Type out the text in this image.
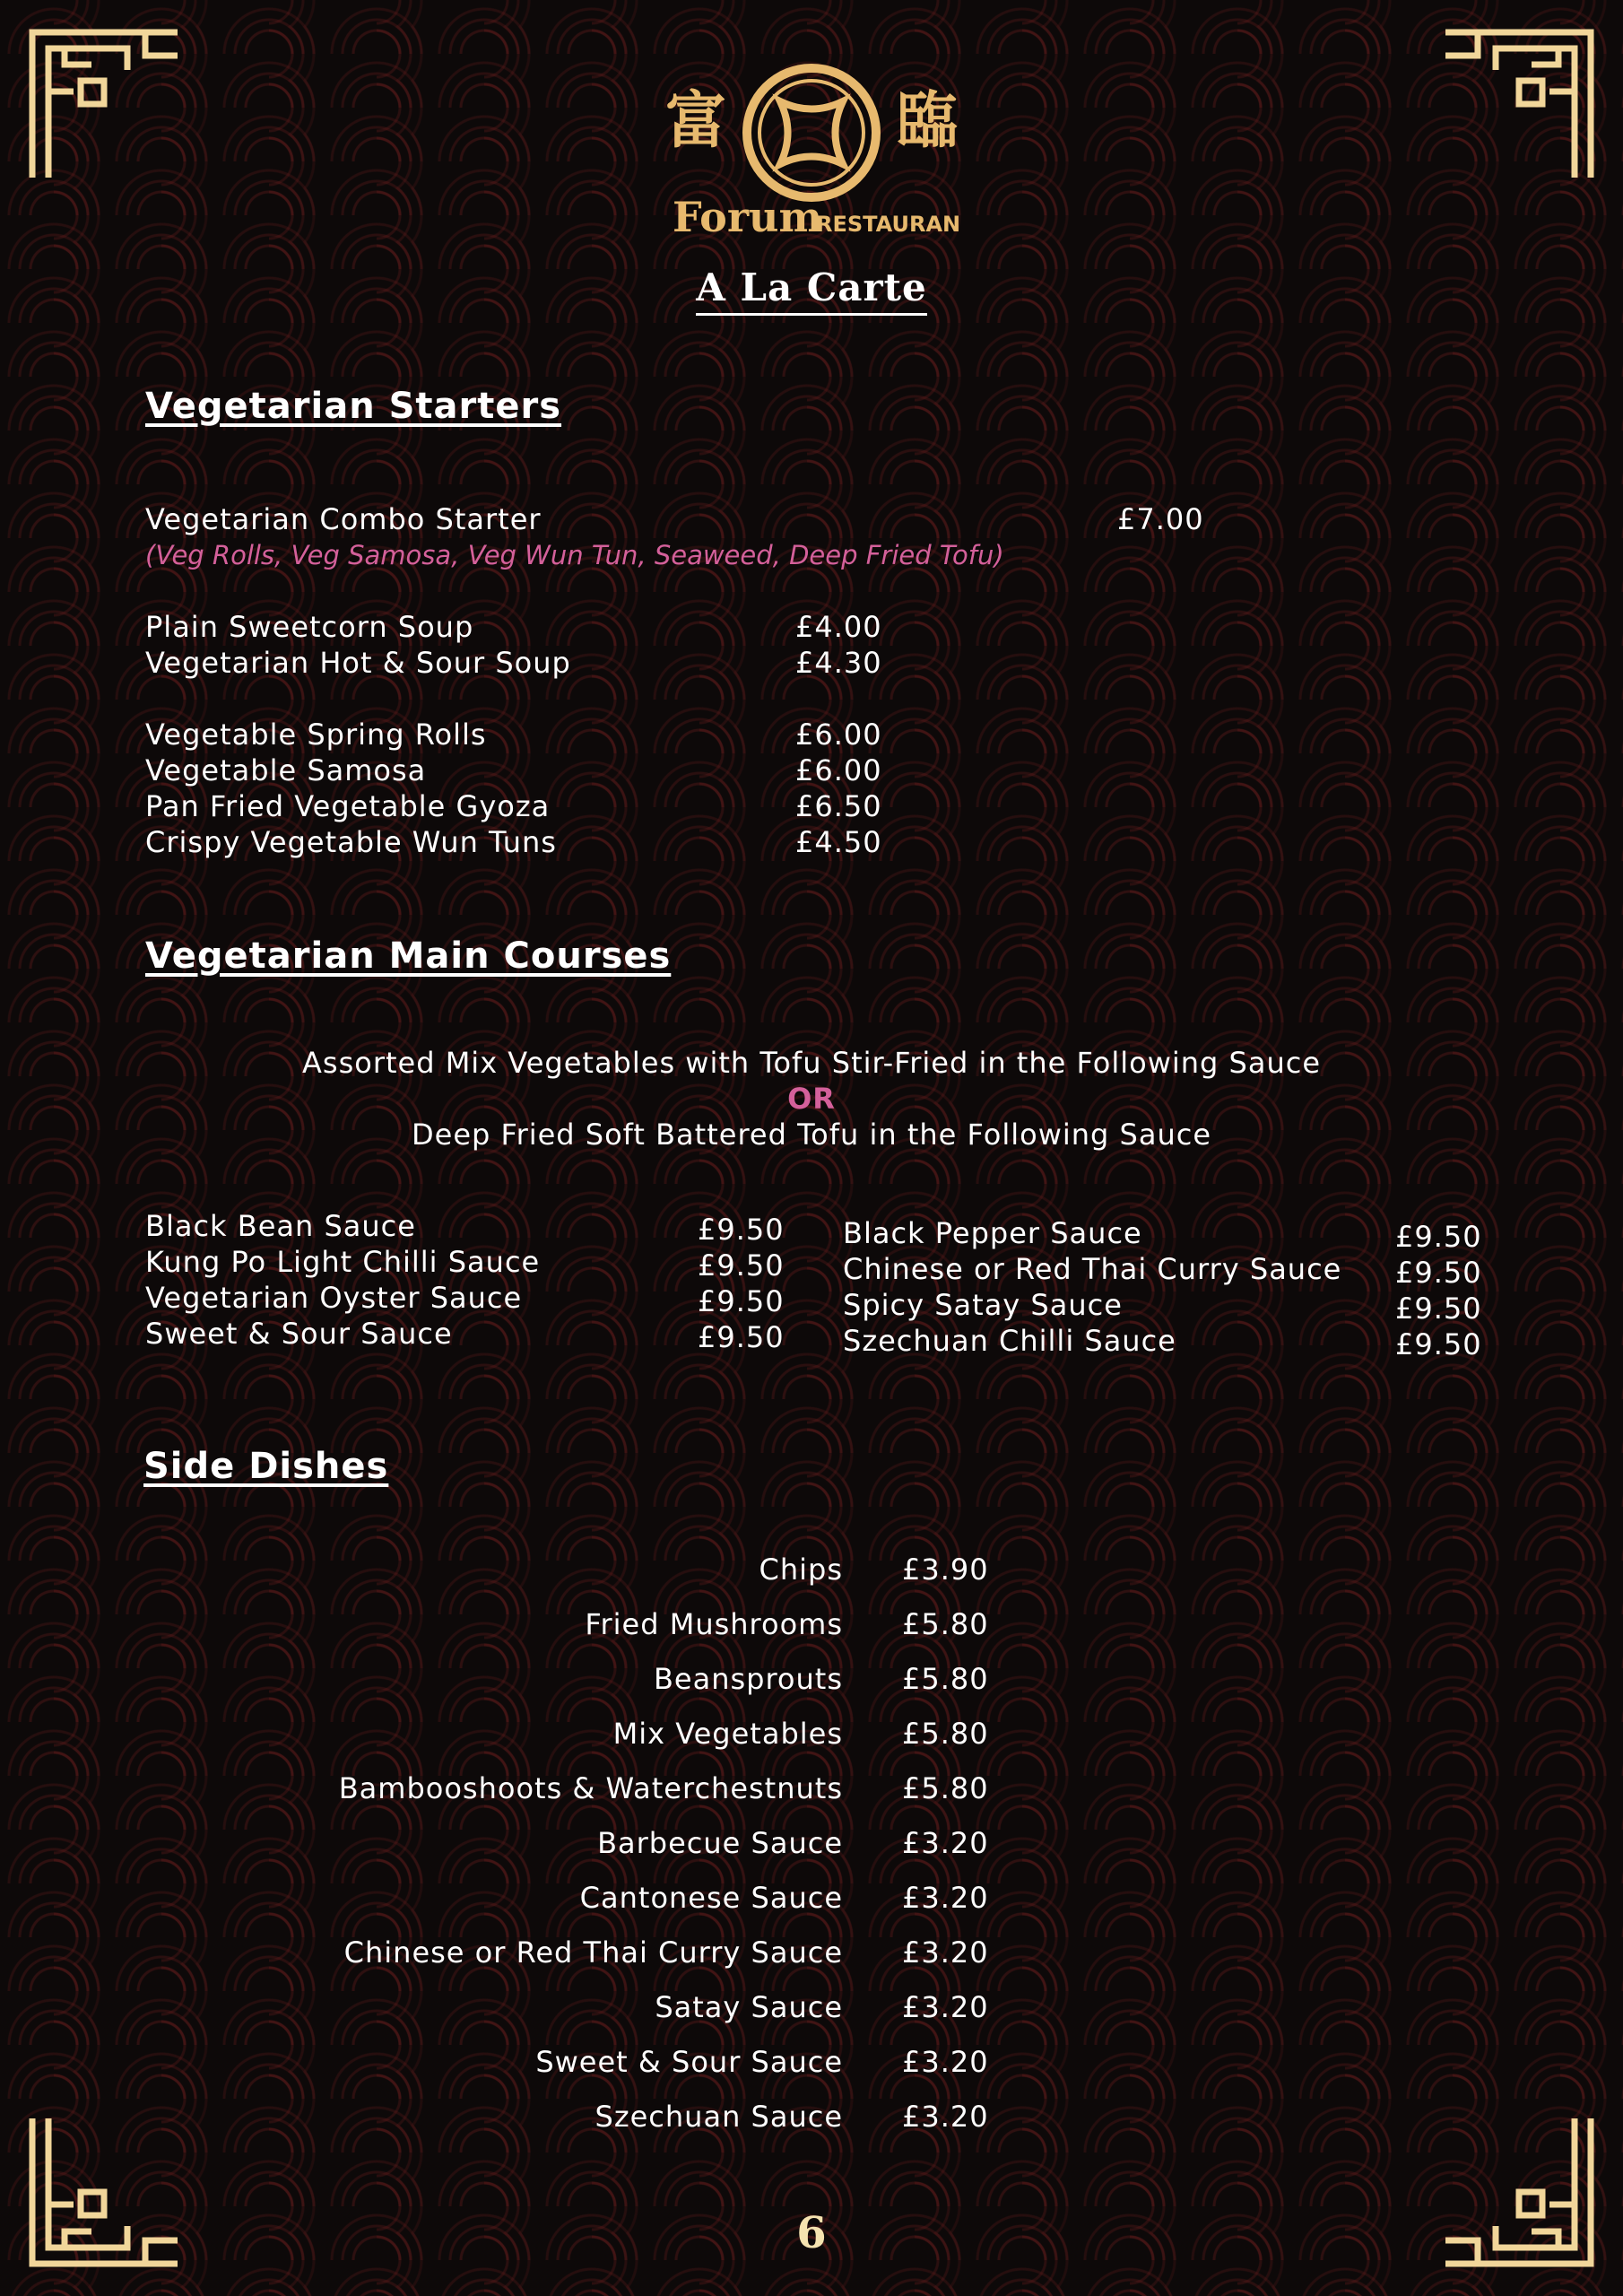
富	臨
Forum
RESTAURANT
A La Carte
Vegetarian Starters
Vegetarian Combo Starter	£7.00
(Veg Rolls, Veg Samosa, Veg Wun Tun, Seaweed, Deep Fried Tofu)
Plain Sweetcorn Soup	£4.00
Vegetarian Hot & Sour Soup	£4.30
Vegetable Spring Rolls	£6.00
Vegetable Samosa	£6.00
Pan Fried Vegetable Gyoza	£6.50
Crispy Vegetable Wun Tuns	£4.50
Vegetarian Main Courses
Assorted Mix Vegetables with Tofu Stir-Fried in the Following Sauce
OR
Deep Fried Soft Battered Tofu in the Following Sauce
Black Bean Sauce	£9.50
Kung Po Light Chilli Sauce	£9.50
Vegetarian Oyster Sauce	£9.50
Sweet & Sour Sauce	£9.50
Black Pepper Sauce	£9.50
Chinese or Red Thai Curry Sauce £9.50
Spicy Satay Sauce	£9.50
Szechuan Chilli Sauce	£9.50
Side Dishes
Chips £3.90
Fried Mushrooms £5.80
Beansprouts £5.80
Mix Vegetables £5.80
Bambooshoots & Waterchestnuts £5.80
Barbecue Sauce £3.20
Cantonese Sauce £3.20
Chinese or Red Thai Curry Sauce £3.20
Satay Sauce £3.20
Sweet & Sour Sauce £3.20
Szechuan Sauce £3.20
6
